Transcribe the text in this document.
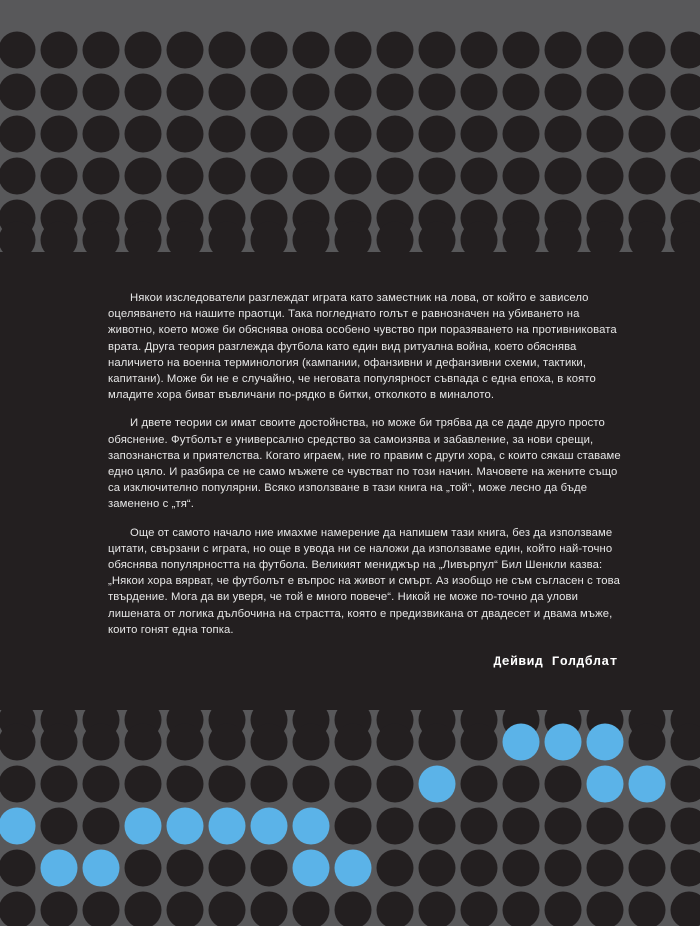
Някои изследователи разглеждат играта като заместник на лова, от който е зависело оцеляването на нашите праотци. Така погледнато голът е равнозначен на убиването на животно, което може би обяснява онова особено чувство при поразяването на противниковата врата. Друга теория разглежда футбола като един вид ритуална война, което обяснява наличието на военна терминология (кампании, офанзивни и дефанзивни схеми, тактики, капитани). Може би не е случайно, че неговата популярност съвпада с една епоха, в която младите хора биват въвличани по-рядко в битки, отколкото в миналото.

И двете теории си имат своите достойнства, но може би трябва да се даде друго просто обяснение. Футболът е универсално средство за самоизява и забавление, за нови срещи, запознанства и приятелства. Когато играем, ние го правим с други хора, с които сякаш ставаме едно цяло. И разбира се не само мъжете се чувстват по този начин. Мачовете на жените също са изключително популярни. Всяко използване в тази книга на „той“, може лесно да бъде заменено с „тя“.

Още от самото начало ние имахме намерение да напишем тази книга, без да използваме цитати, свързани с играта, но още в увода ни се наложи да използваме един, който най-точно обяснява популярността на футбола. Великият мениджър на „Ливърпул“ Бил Шенкли казва: „Някои хора вярват, че футболът е въпрос на живот и смърт. Аз изобщо не съм съгласен с това твърдение. Мога да ви уверя, че той е много повече“. Никой не може по-точно да улови лишената от логика дълбочина на страстта, която е предизвикана от двадесет и двама мъже, които гонят една топка.

Дейвид Голдблат
